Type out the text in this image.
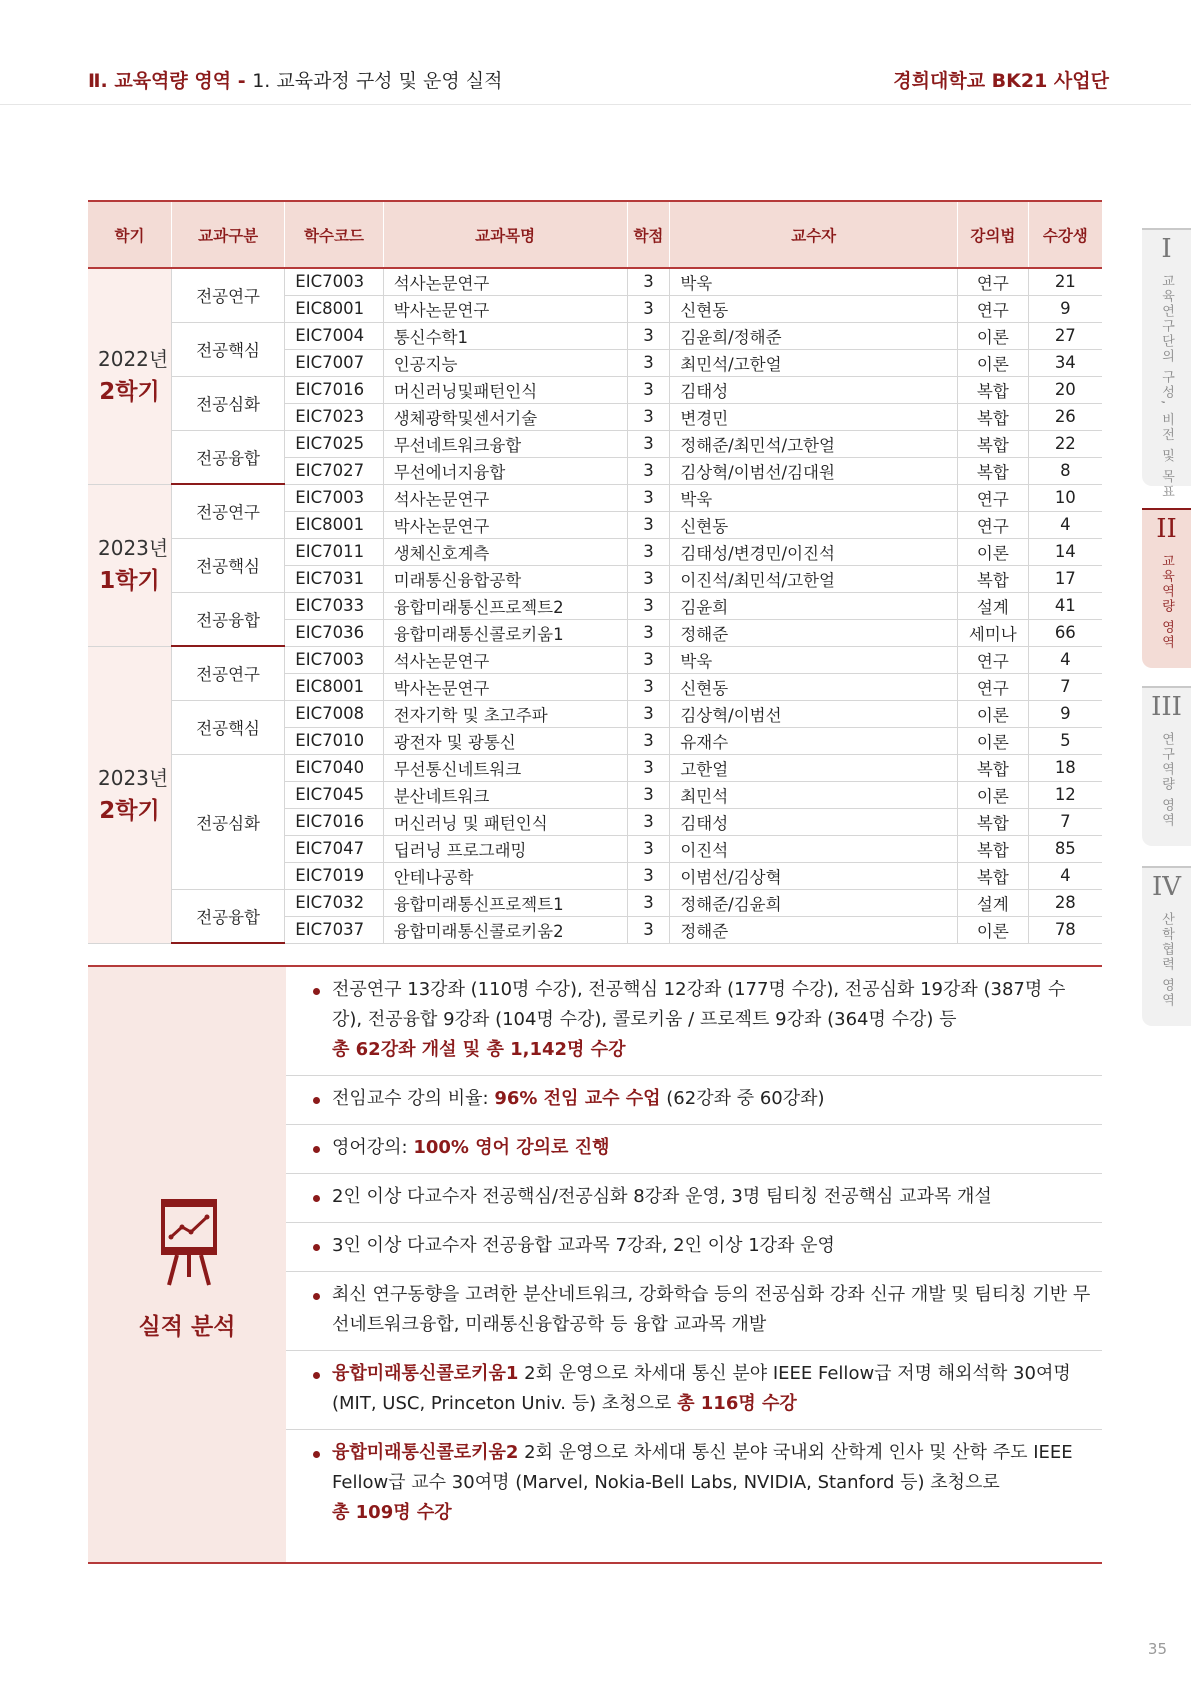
Ⅱ. 교육역량 영역 - 1. 교육과정 구성 및 운영 실적	경희대학교 BK21 사업단
학기	교과구분	학수코드	교과목명	학점	교수자	강의법	수강생

2022년
2학기	전공연구	EIC7003	석사논문연구	3	박욱	연구	21
		EIC8001	박사논문연구	3	신현동	연구	9
	전공핵심	EIC7004	통신수학1	3	김윤희/정해준	이론	27
		EIC7007	인공지능	3	최민석/고한얼	이론	34
	전공심화	EIC7016	머신러닝및패턴인식	3	김태성	복합	20
		EIC7023	생체광학및센서기술	3	변경민	복합	26
	전공융합	EIC7025	무선네트워크융합	3	정해준/최민석/고한얼	복합	22
		EIC7027	무선에너지융합	3	김상혁/이범선/김대원	복합	8

2023년
1학기	전공연구	EIC7003	석사논문연구	3	박욱	연구	10
		EIC8001	박사논문연구	3	신현동	연구	4
	전공핵심	EIC7011	생체신호계측	3	김태성/변경민/이진석	이론	14
		EIC7031	미래통신융합공학	3	이진석/최민석/고한얼	복합	17
	전공융합	EIC7033	융합미래통신프로젝트2	3	김윤희	설계	41
		EIC7036	융합미래통신콜로키움1	3	정해준	세미나	66

2023년
2학기	전공연구	EIC7003	석사논문연구	3	박욱	연구	4
		EIC8001	박사논문연구	3	신현동	연구	7
	전공핵심	EIC7008	전자기학 및 초고주파	3	김상혁/이범선	이론	9
		EIC7010	광전자 및 광통신	3	유재수	이론	5
	전공심화	EIC7040	무선통신네트워크	3	고한얼	복합	18
		EIC7045	분산네트워크	3	최민석	이론	12
		EIC7016	머신러닝 및 패턴인식	3	김태성	복합	7
		EIC7047	딥러닝 프로그래밍	3	이진석	복합	85
		EIC7019	안테나공학	3	이범선/김상혁	복합	4
	전공융합	EIC7032	융합미래통신프로젝트1	3	정해준/김윤희	설계	28
		EIC7037	융합미래통신콜로키움2	3	정해준	이론	78
실적 분석
전공연구 13강좌 (110명 수강), 전공핵심 12강좌 (177명 수강), 전공심화 19강좌 (387명 수강), 전공융합 9강좌 (104명 수강), 콜로키움 / 프로젝트 9강좌 (364명 수강) 등
총 62강좌 개설 및 총 1,142명 수강
전임교수 강의 비율: 96% 전임 교수 수업 (62강좌 중 60강좌)
영어강의: 100% 영어 강의로 진행
2인 이상 다교수자 전공핵심/전공심화 8강좌 운영, 3명 팀티칭 전공핵심 교과목 개설
3인 이상 다교수자 전공융합 교과목 7강좌, 2인 이상 1강좌 운영
최신 연구동향을 고려한 분산네트워크, 강화학습 등의 전공심화 강좌 신규 개발 및 팀티칭 기반 무선네트워크융합, 미래통신융합공학 등 융합 교과목 개발
융합미래통신콜로키움1 2회 운영으로 차세대 통신 분야 IEEE Fellow급 저명 해외석학 30여명 (MIT, USC, Princeton Univ. 등) 초청으로 총 116명 수강
융합미래통신콜로키움2 2회 운영으로 차세대 통신 분야 국내외 산학계 인사 및 산학 주도 IEEE Fellow급 교수 30여명 (Marvel, Nokia-Bell Labs, NVIDIA, Stanford 등) 초청으로
총 109명 수강
I
교육연구단의 구성, 비전 및 목표
II
교육역량 영역
III
연구역량 영역
IV
산학협력 영역
35
